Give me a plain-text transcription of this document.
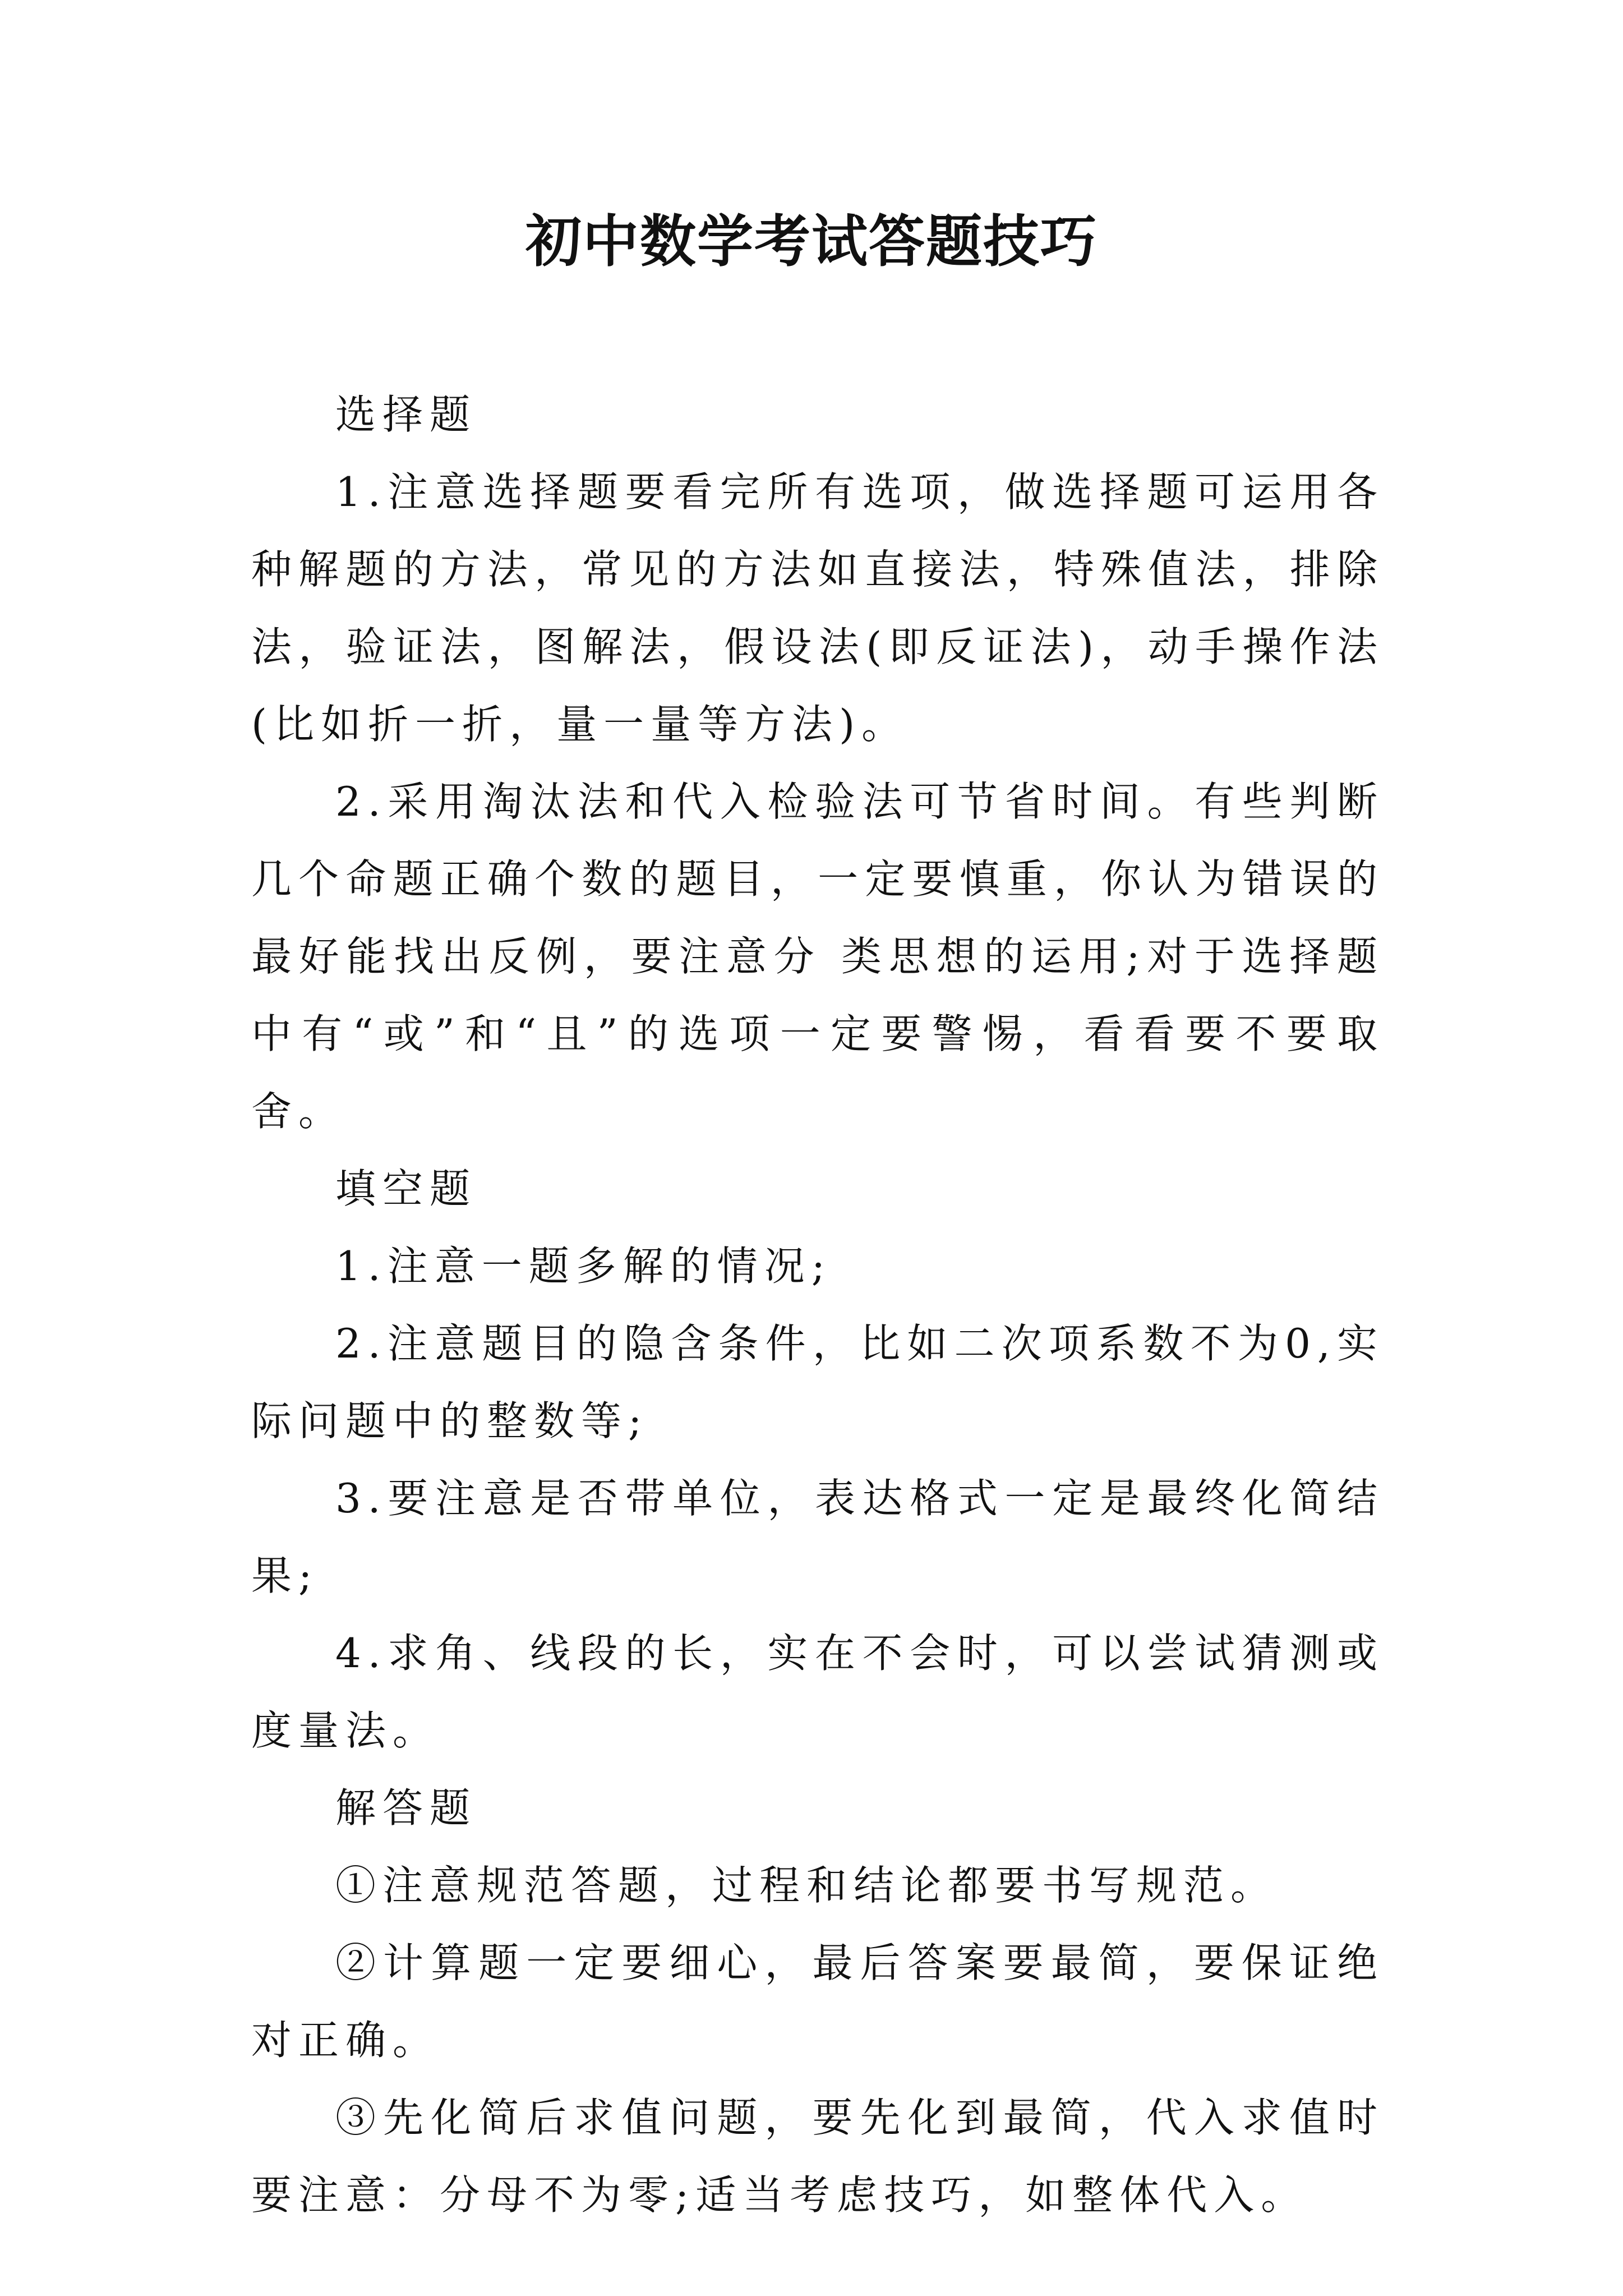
初中数学考试答题技巧

选择题

1.注意选择题要看完所有选项，做选择题可运用各种解题的方法，常见的方法如直接法，特殊值法，排除法，验证法，图解法，假设法(即反证法)，动手操作法 (比如折一折，量一量等方法)。

2.采用淘汰法和代入检验法可节省时间。有些判断几个命题正确个数的题目，一定要慎重，你认为错误的最好能找出反例，要注意分 类思想的运用;对于选择题中有“或”和“且”的选项一定要警惕，看看要不要取舍。

填空题

1.注意一题多解的情况;

2.注意题目的隐含条件，比如二次项系数不为0,实际问题中的整数等;

3.要注意是否带单位，表达格式一定是最终化简结果;

4.求角、线段的长，实在不会时，可以尝试猜测或度量法。

解答题

①注意规范答题，过程和结论都要书写规范。

②计算题一定要细心，最后答案要最简，要保证绝对正确。

③先化简后求值问题，要先化到最简，代入求值时要注意：分母不为零;适当考虑技巧，如整体代入。
